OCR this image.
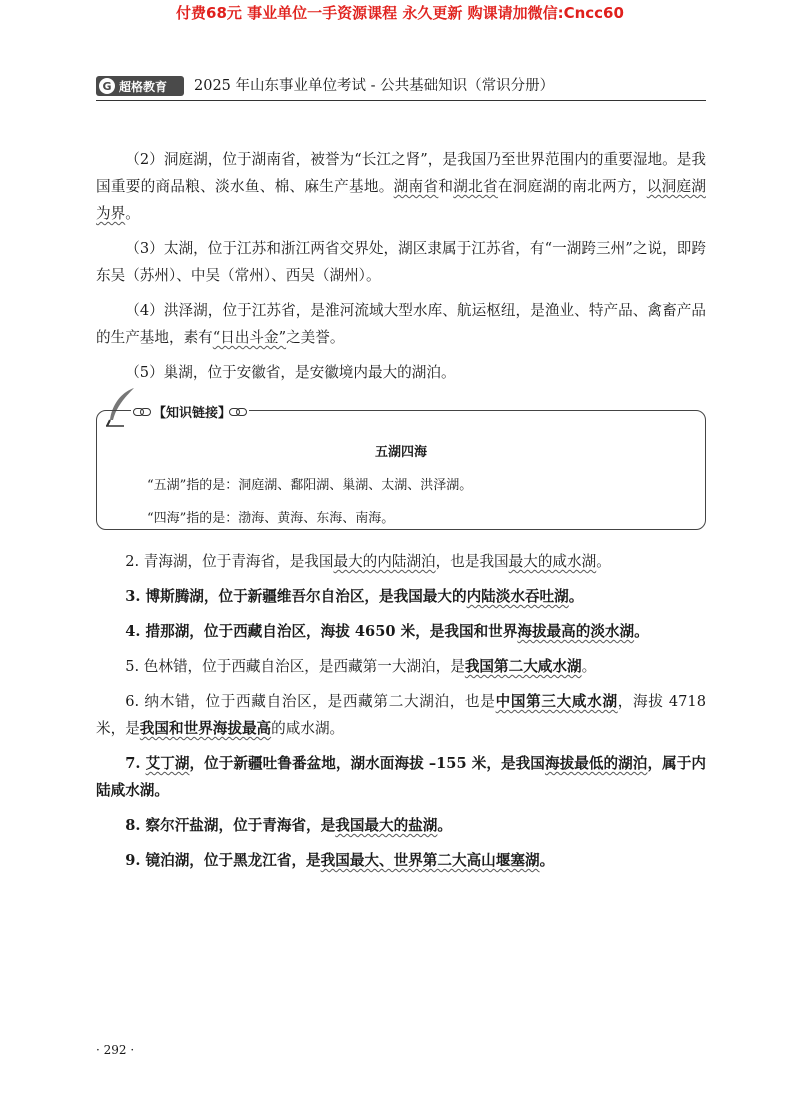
付费68元 事业单位一手资源课程 永久更新 购课请加微信:Cncc60
G 超格教育 2025 年山东事业单位考试 - 公共基础知识（常识分册）

（2）洞庭湖，位于湖南省，被誉为“长江之肾”，是我国乃至世界范围内的重要湿地。是我国重要的商品粮、淡水鱼、棉、麻生产基地。湖南省和湖北省在洞庭湖的南北两方，以洞庭湖为界。

（3）太湖，位于江苏和浙江两省交界处，湖区隶属于江苏省，有“一湖跨三州”之说，即跨东吴（苏州）、中吴（常州）、西吴（湖州）。

（4）洪泽湖，位于江苏省，是淮河流域大型水库、航运枢纽，是渔业、特产品、禽畜产品的生产基地，素有“日出斗金”之美誉。

（5）巢湖，位于安徽省，是安徽境内最大的湖泊。

【 知识链接 】
五湖四海
“五湖”指的是：洞庭湖、鄱阳湖、巢湖、太湖、洪泽湖。
“四海”指的是：渤海、黄海、东海、南海。

2. 青海湖，位于青海省，是我国最大的内陆湖泊，也是我国最大的咸水湖。

3. 博斯腾湖，位于新疆维吾尔自治区，是我国最大的内陆淡水吞吐湖。

4. 措那湖，位于西藏自治区，海拔 4650 米，是我国和世界海拔最高的淡水湖。

5. 色林错，位于西藏自治区，是西藏第一大湖泊，是我国第二大咸水湖。

6. 纳木错，位于西藏自治区，是西藏第二大湖泊，也是中国第三大咸水湖，海拔 4718 米，是我国和世界海拔最高的咸水湖。

7. 艾丁湖，位于新疆吐鲁番盆地，湖水面海拔 –155 米，是我国海拔最低的湖泊，属于内陆咸水湖。

8. 察尔汗盐湖，位于青海省，是我国最大的盐湖。

9. 镜泊湖，位于黑龙江省，是我国最大、世界第二大高山堰塞湖。

· 292 ·
